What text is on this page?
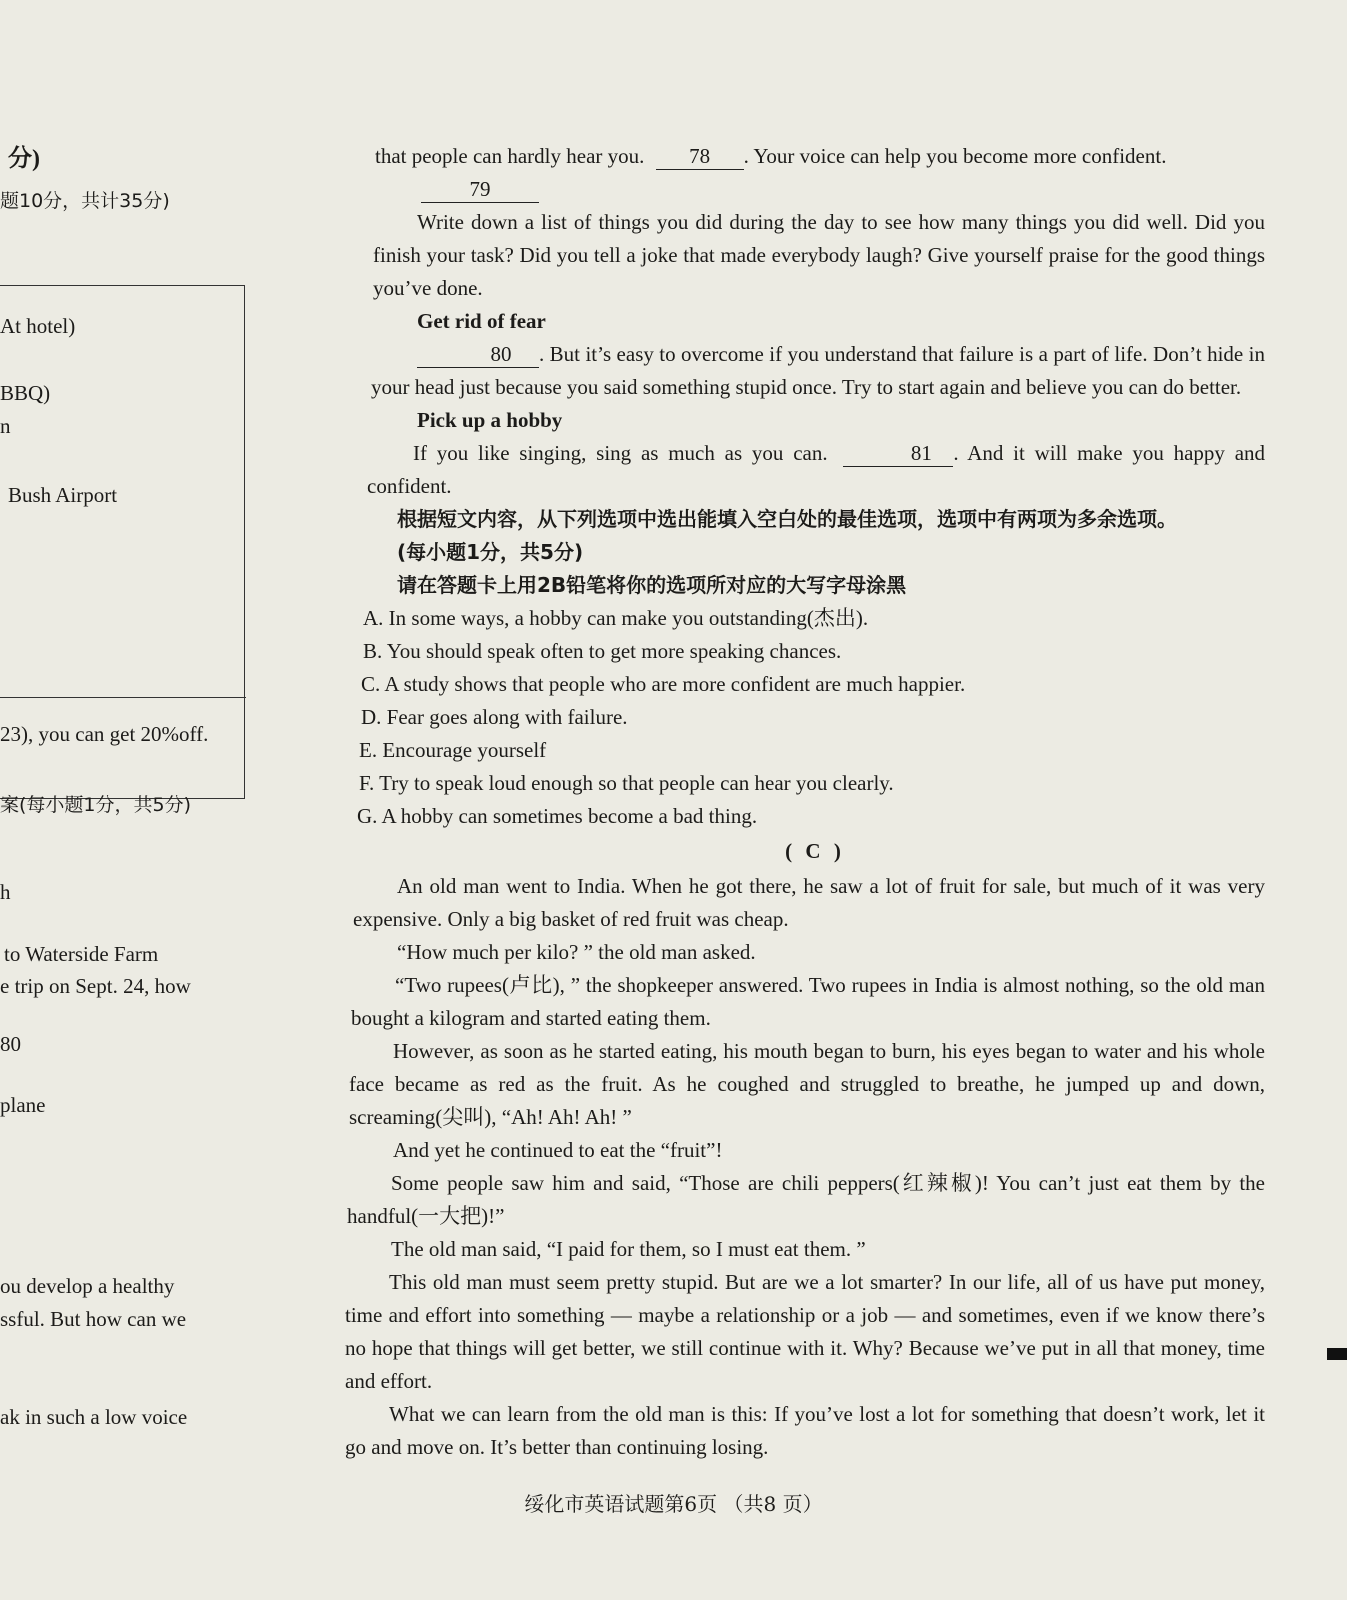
分)
题10分，共计35分)
At hotel)
BBQ)
n
Bush Airport
23), you can get 20%off.
案(每小题1分，共5分)
h
to Waterside Farm
e trip on Sept. 24, how
80
plane
ou develop a healthy
ssful. But how can we
ak in such a low voice

that people can hardly hear you. 78 . Your voice can help you become more confident.

79

Write down a list of things you did during the day to see how many things you did well. Did you finish your task? Did you tell a joke that made everybody laugh? Give yourself praise for the good things you’ve done.

Get rid of fear

80 . But it’s easy to overcome if you understand that failure is a part of life. Don’t hide in your head just because you said something stupid once. Try to start again and believe you can do better.

Pick up a hobby

If you like singing, sing as much as you can.	81 . And it will make you happy and confident.

根据短文内容，从下列选项中选出能填入空白处的最佳选项，选项中有两项为多余选项。

(每小题1分，共5分)

请在答题卡上用2B铅笔将你的选项所对应的大写字母涂黑

A. In some ways, a hobby can make you outstanding(杰出).

B. You should speak often to get more speaking chances.

C. A study shows that people who are more confident are much happier.

D. Fear goes along with failure.

E. Encourage yourself

F. Try to speak loud enough so that people can hear you clearly.

G. A hobby can sometimes become a bad thing.

( C )

An old man went to India. When he got there, he saw a lot of fruit for sale, but much of it was very expensive. Only a big basket of red fruit was cheap.

“How much per kilo? ” the old man asked.

“Two rupees(卢比), ” the shopkeeper answered. Two rupees in India is almost nothing, so the old man bought a kilogram and started eating them.

However, as soon as he started eating, his mouth began to burn, his eyes began to water and his whole face became as red as the fruit. As he coughed and struggled to breathe, he jumped up and down, screaming(尖叫), “Ah! Ah! Ah! ”

And yet he continued to eat the “fruit”!

Some people saw him and said, “Those are chili peppers(红辣椒)! You can’t just eat them by the handful(一大把)!”

The old man said, “I paid for them, so I must eat them. ”

This old man must seem pretty stupid. But are we a lot smarter? In our life, all of us have put money, time and effort into something — maybe a relationship or a job — and sometimes, even if we know there’s no hope that things will get better, we still continue with it. Why? Because we’ve put in all that money, time and effort.

What we can learn from the old man is this: If you’ve lost a lot for something that doesn’t work, let it go and move on. It’s better than continuing losing.

绥化市英语试题第6页 （共8 页）
